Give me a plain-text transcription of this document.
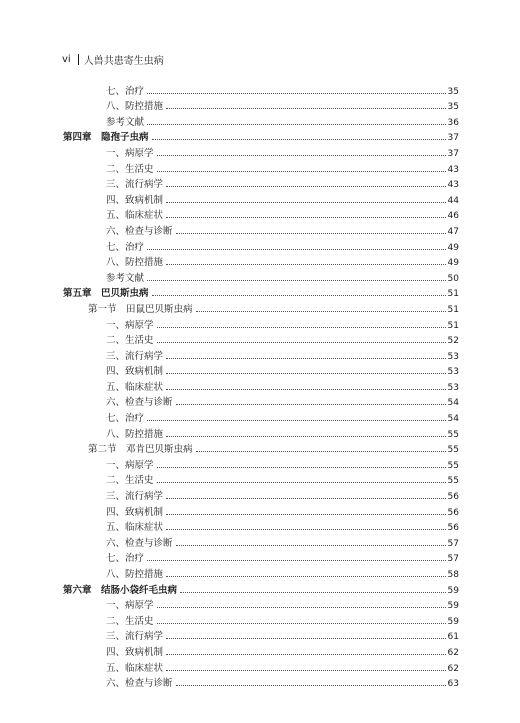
vi 人兽共患寄生虫病
七、治疗	35
八、防控措施	35
参考文献	36
第四章　隐孢子虫病	37
一、病原学	37
二、生活史	43
三、流行病学	43
四、致病机制	44
五、临床症状	46
六、检查与诊断	47
七、治疗	49
八、防控措施	49
参考文献	50
第五章　巴贝斯虫病	51
第一节　田鼠巴贝斯虫病	51
一、病原学	51
二、生活史	52
三、流行病学	53
四、致病机制	53
五、临床症状	53
六、检查与诊断	54
七、治疗	54
八、防控措施	55
第二节　邓肯巴贝斯虫病	55
一、病原学	55
二、生活史	55
三、流行病学	56
四、致病机制	56
五、临床症状	56
六、检查与诊断	57
七、治疗	57
八、防控措施	58
第六章　结肠小袋纤毛虫病	59
一、病原学	59
二、生活史	59
三、流行病学	61
四、致病机制	62
五、临床症状	62
六、检查与诊断	63
